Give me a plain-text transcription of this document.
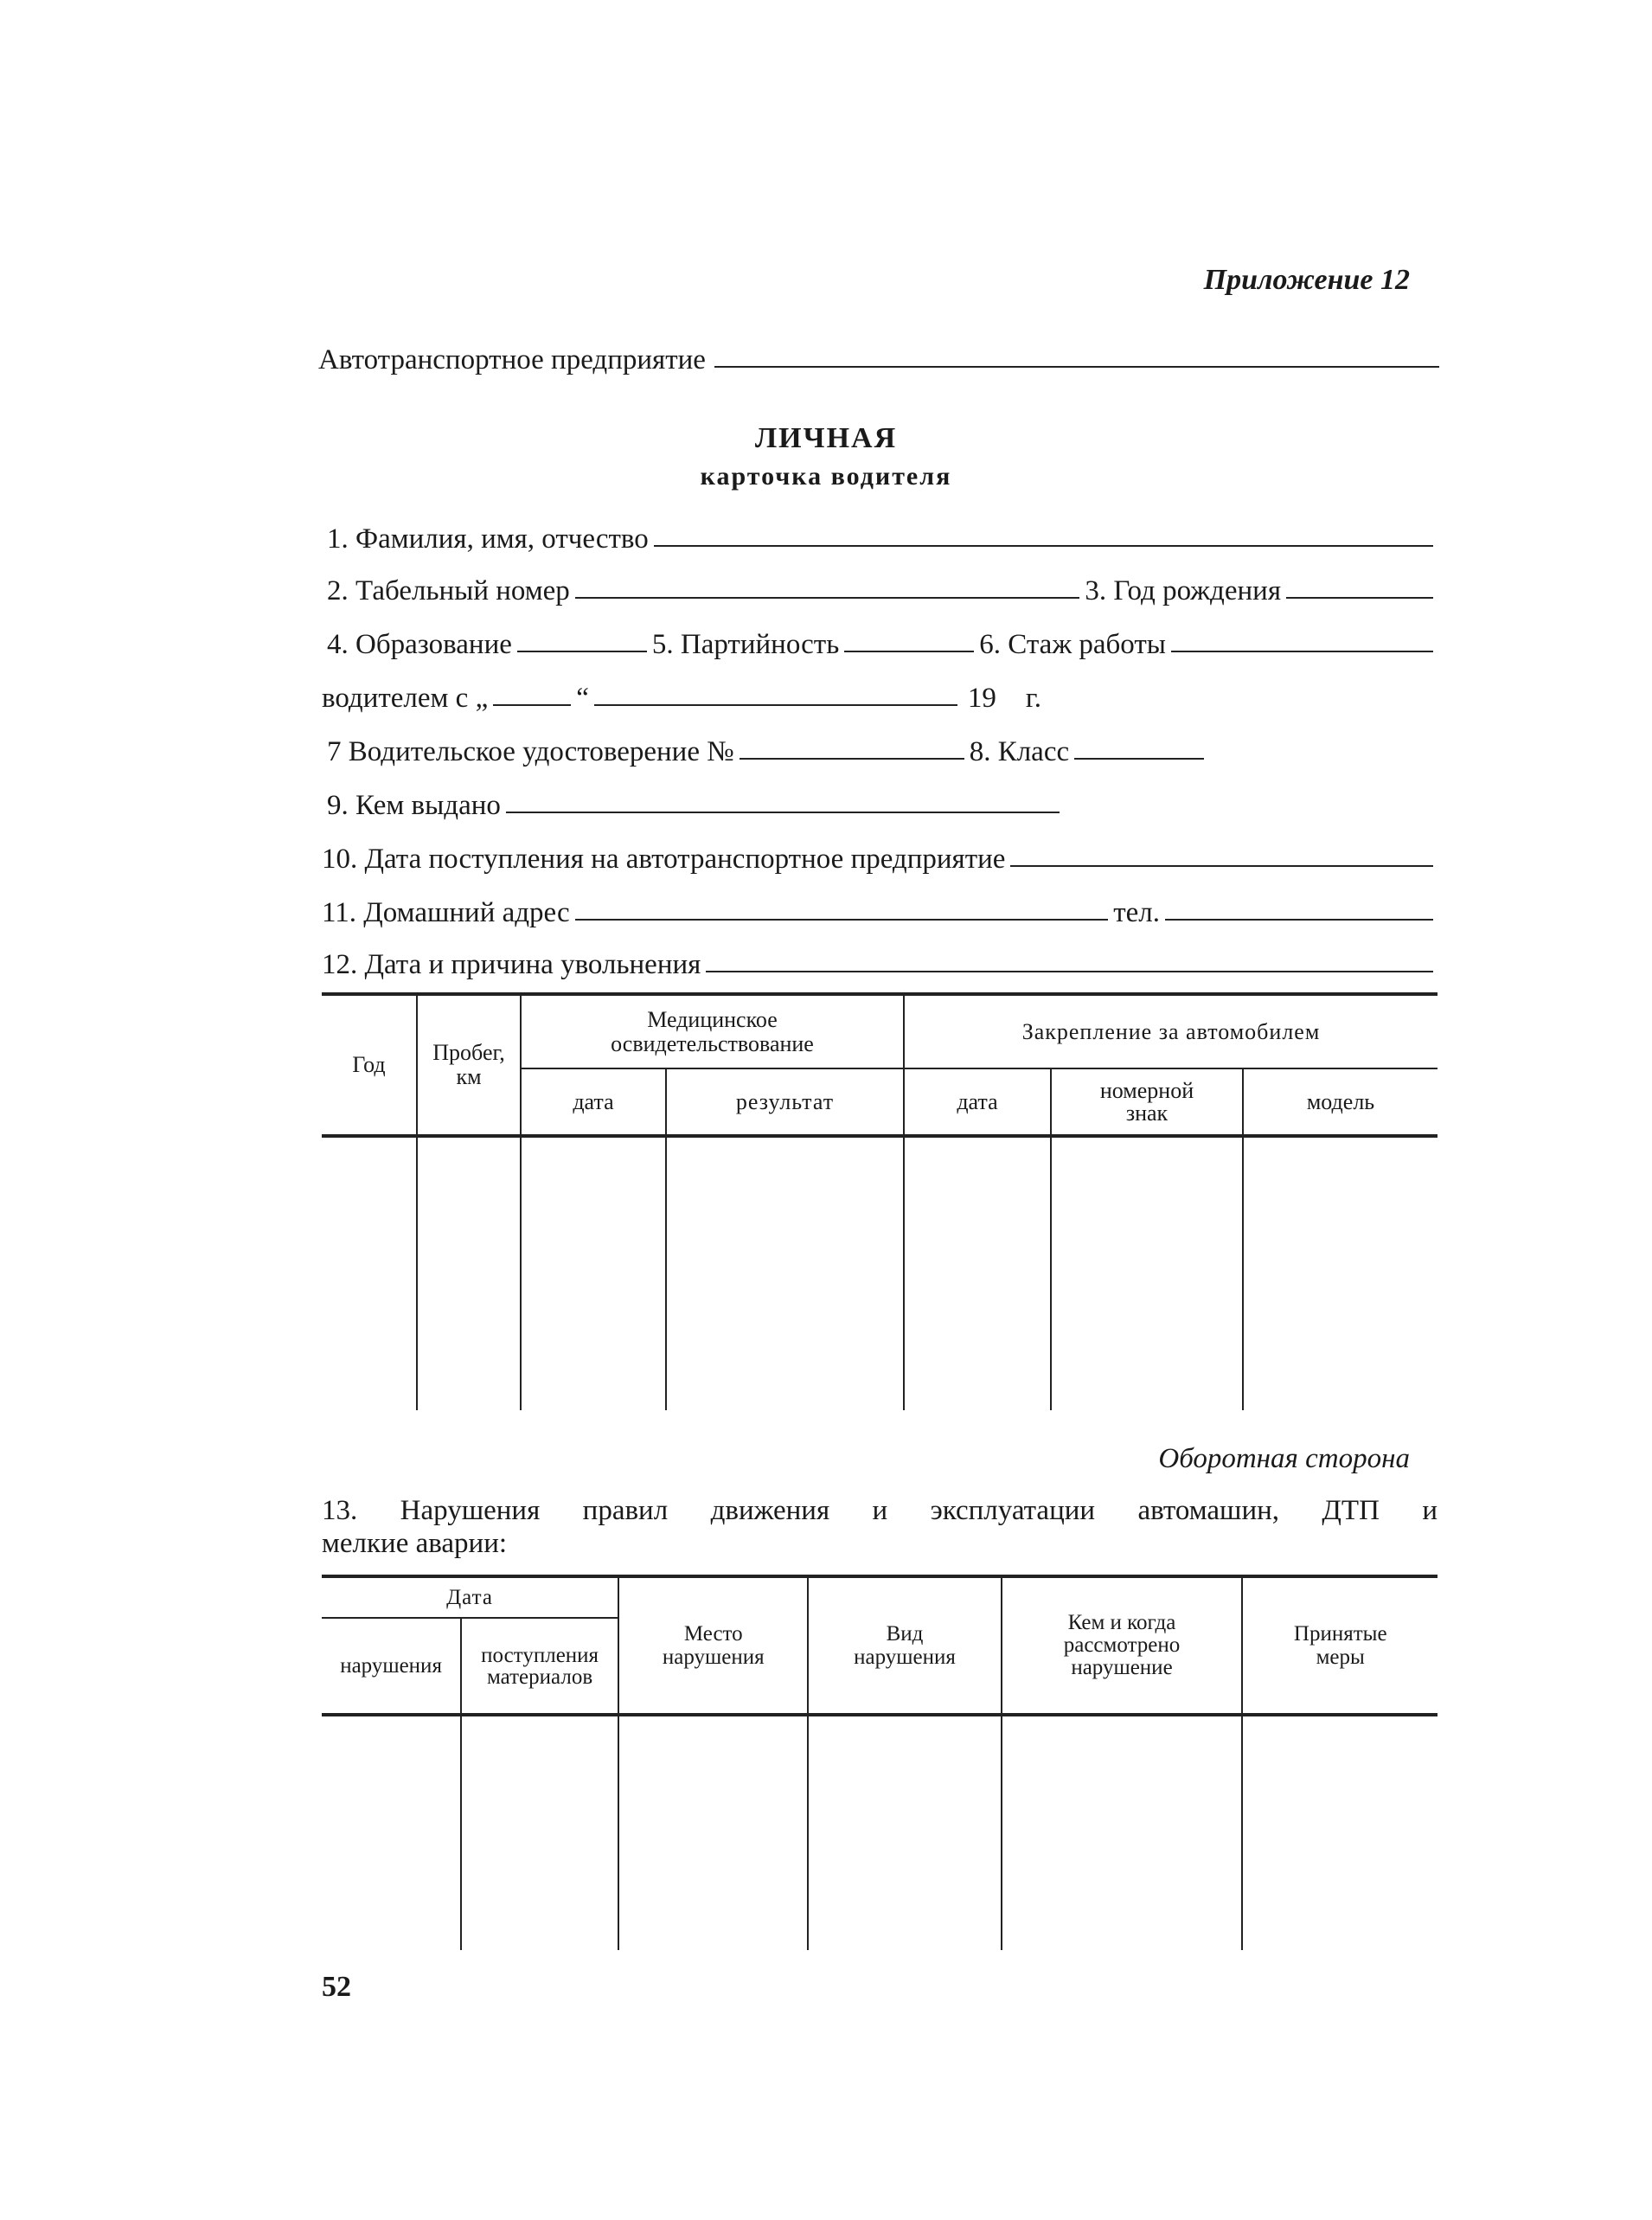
Приложение 12
Автотранспортное предприятие
ЛИЧНАЯ
карточка водителя
1. Фамилия, имя, отчество
2. Табельный номер	3. Год рождения
4. Образование	5. Партийность	6. Стаж работы
водителем с „	“	19 г.
7 Водительское удостоверение №	8. Класс
9. Кем выдано
10. Дата поступления на автотранспортное предприятие
11. Домашний адрес	тел.
12. Дата и причина увольнения
Год	Пробег, км	Медицинское освидетельствование		Закрепление за автомобилем		
		дата	результат	дата	номерной знак	модель

Оборотная сторона
13. Нарушения правил движения и эксплуатации автомашин, ДТП и
мелкие аварии:
Дата		Место нарушения	Вид нарушения	Кем и когда рассмотрено нарушение	Принятые меры
нарушения	поступления материалов				

52
